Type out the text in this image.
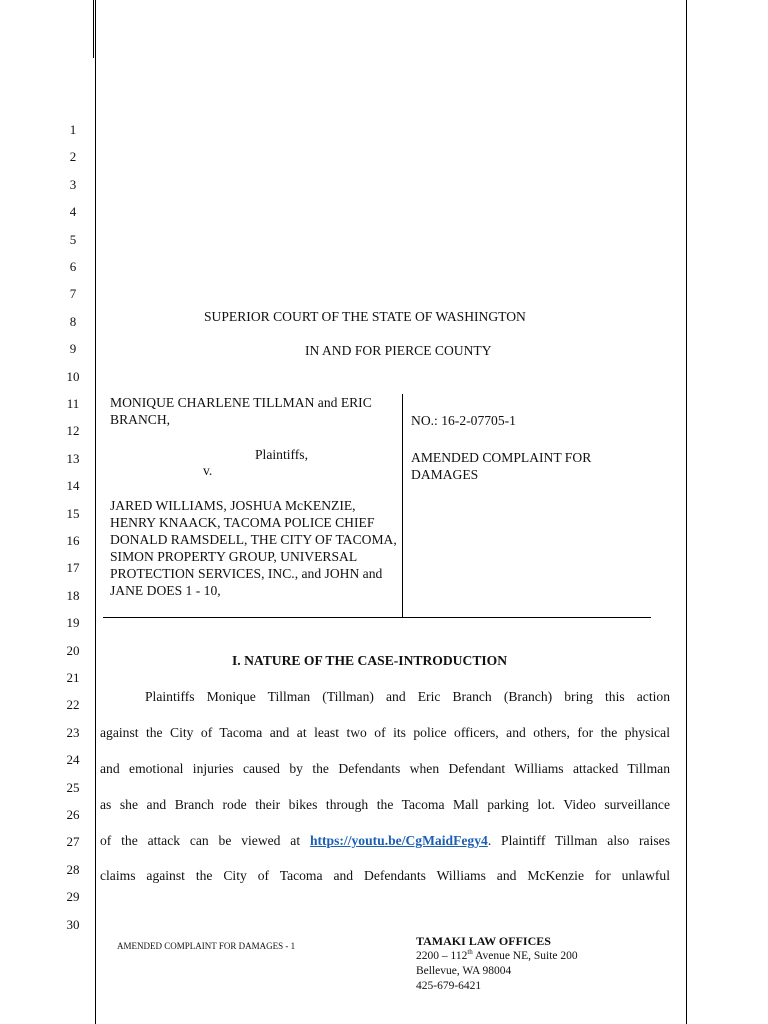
1
2
3
4
5
6
7
8
9
10
11
12
13
14
15
16
17
18
19
20
21
22
23
24
25
26
27
28
29
30
SUPERIOR COURT OF THE STATE OF WASHINGTON
IN AND FOR PIERCE COUNTY
MONIQUE CHARLENE TILLMAN and ERIC BRANCH,
Plaintiffs,
v.
JARED WILLIAMS, JOSHUA McKENZIE, HENRY KNAACK, TACOMA POLICE CHIEF DONALD RAMSDELL, THE CITY OF TACOMA, SIMON PROPERTY GROUP, UNIVERSAL PROTECTION SERVICES, INC., and JOHN and JANE DOES 1 - 10,
NO.: 16-2-07705-1
AMENDED COMPLAINT FOR DAMAGES
I. NATURE OF THE CASE-INTRODUCTION
Plaintiffs Monique Tillman (Tillman) and Eric Branch (Branch) bring this action
against the City of Tacoma and at least two of its police officers, and others, for the physical
and emotional injuries caused by the Defendants when Defendant Williams attacked Tillman
as she and Branch rode their bikes through the Tacoma Mall parking lot. Video surveillance
of the attack can be viewed at https://youtu.be/CgMaidFegy4. Plaintiff Tillman also raises
claims against the City of Tacoma and Defendants Williams and McKenzie for unlawful
AMENDED COMPLAINT FOR DAMAGES - 1	TAMAKI LAW OFFICES
2200 – 112th Avenue NE, Suite 200
Bellevue, WA 98004
425-679-6421
